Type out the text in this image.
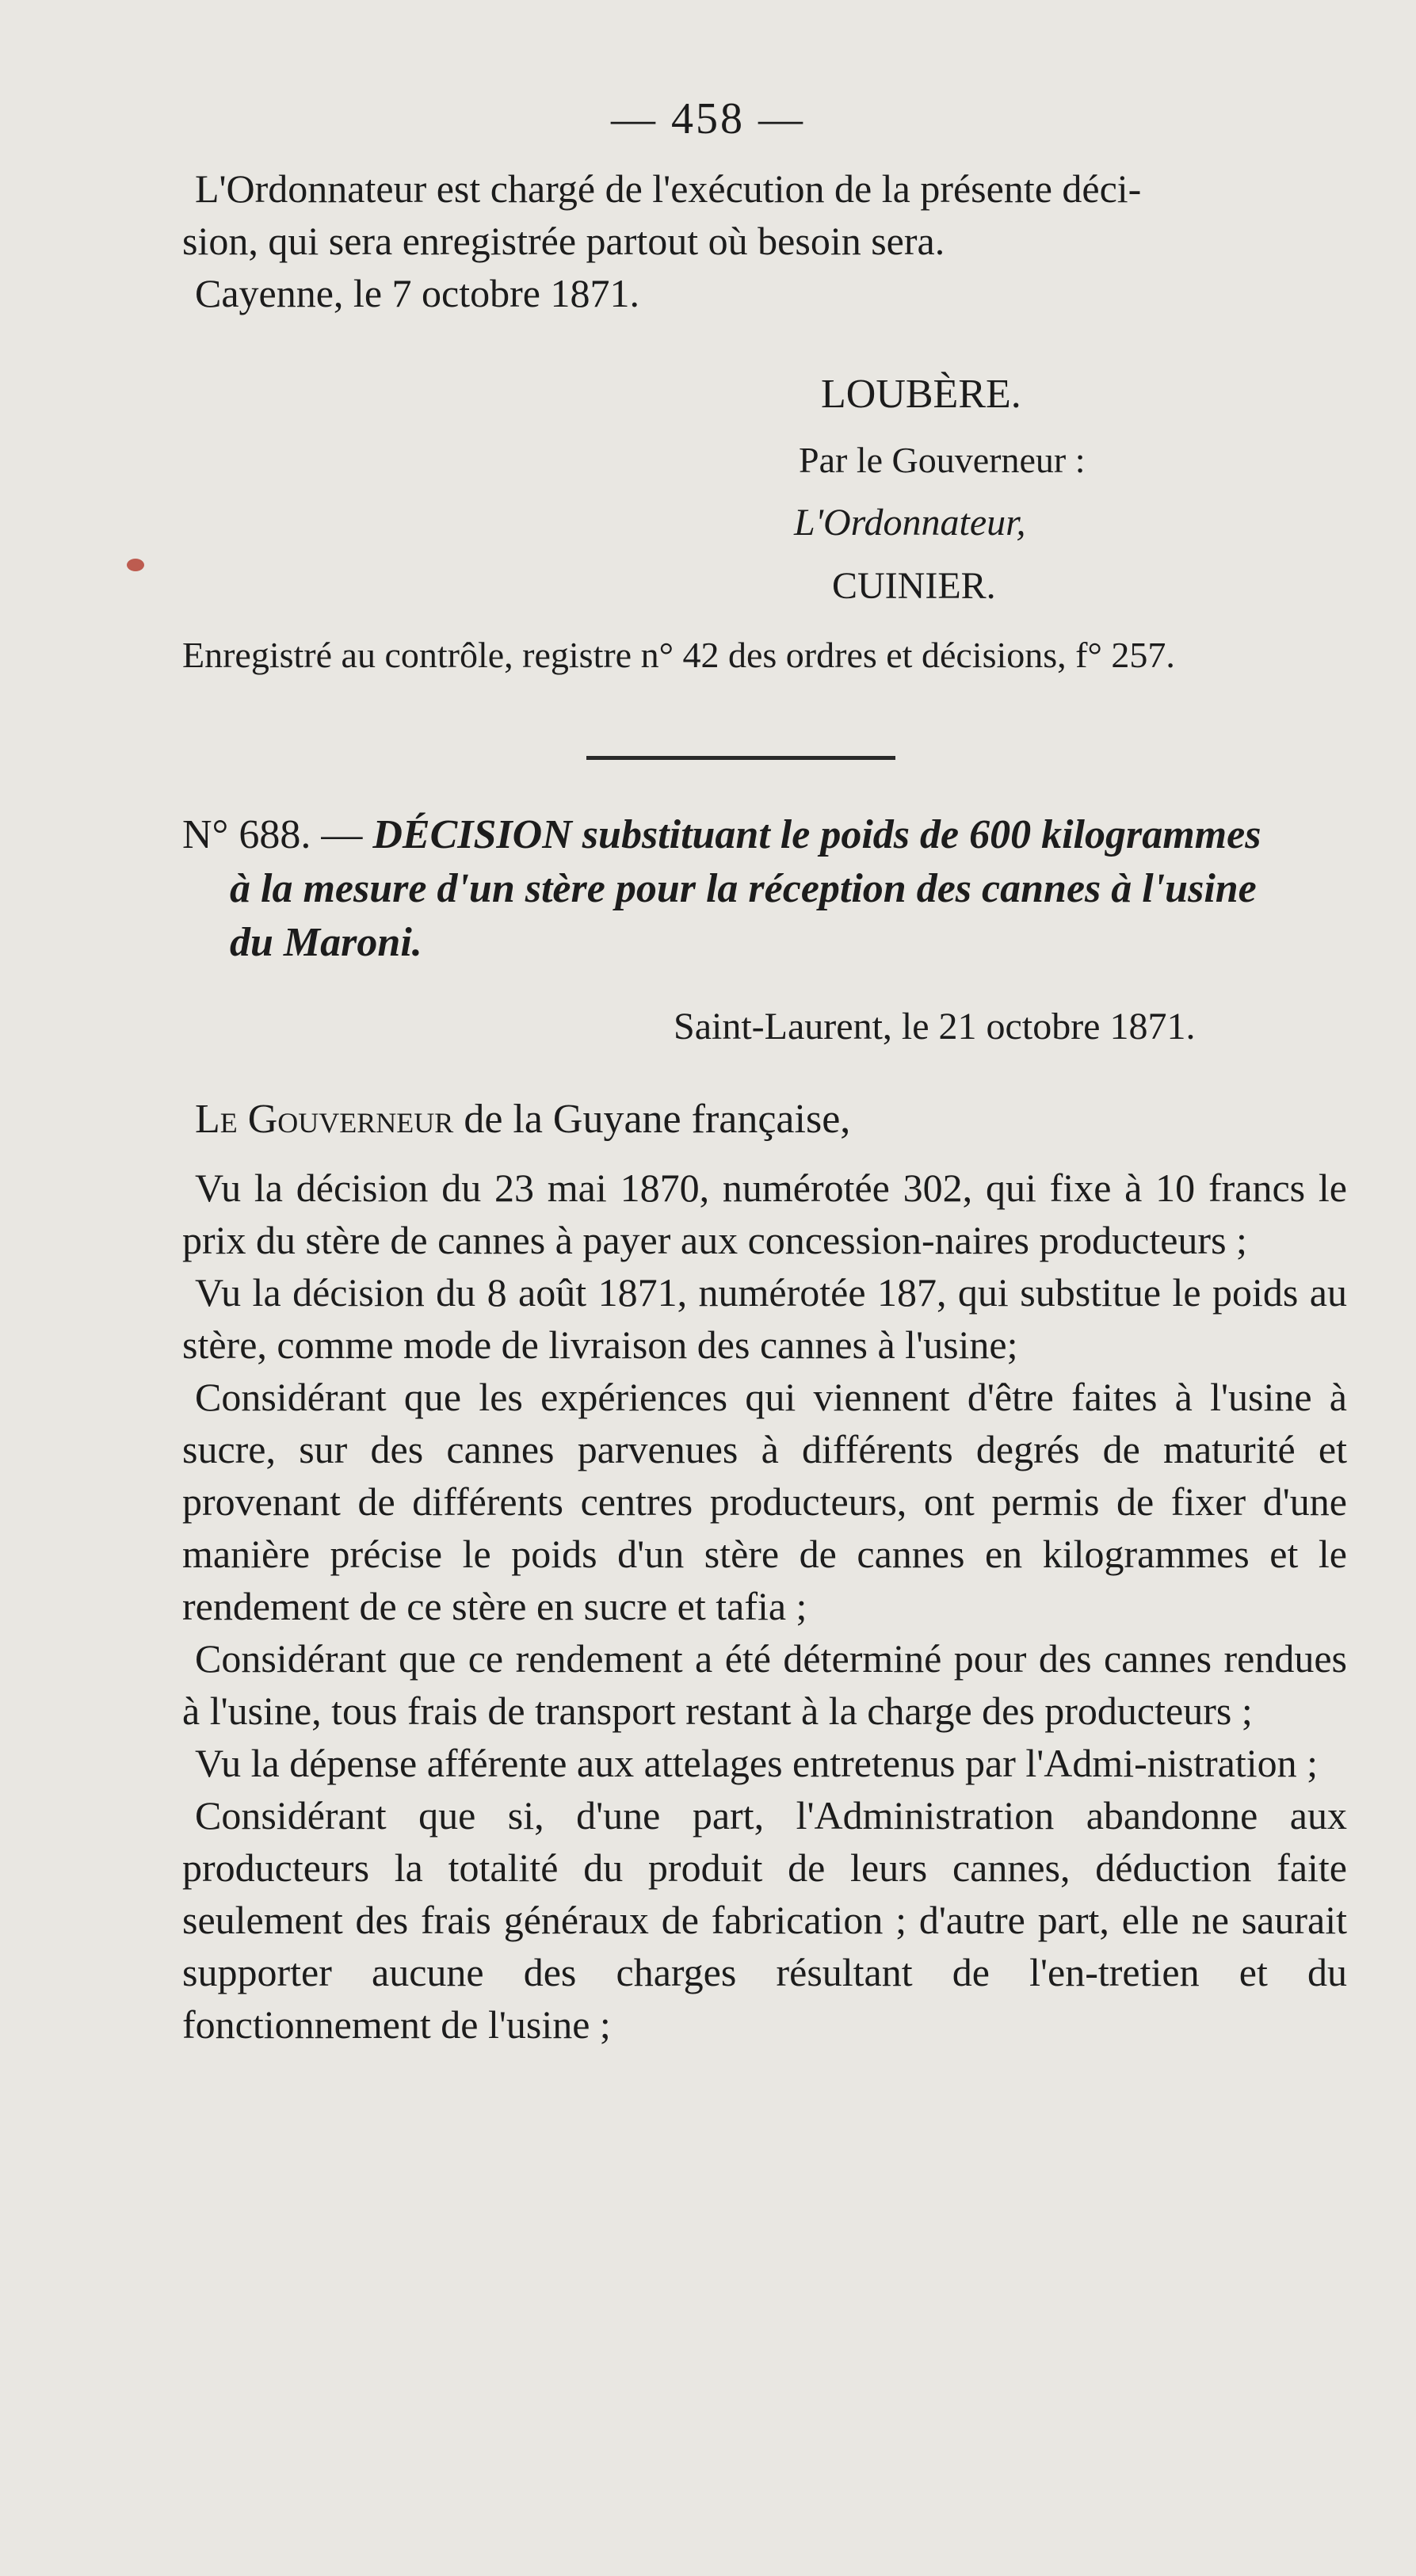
— 458 —

L'Ordonnateur est chargé de l'exécution de la présente déci-

sion, qui sera enregistrée partout où besoin sera.

Cayenne, le 7 octobre 1871.

LOUBÈRE.
Par le Gouverneur :
L'Ordonnateur,
CUINIER.
Enregistré au contrôle, registre n° 42 des ordres et décisions, f° 257.
N° 688. — DÉCISION substituant le poids de 600 kilogrammes
à la mesure d'un stère pour la réception des cannes à l'usine
du Maroni.
Saint-Laurent, le 21 octobre 1871.

Le Gouverneur de la Guyane française,

Vu la décision du 23 mai 1870, numérotée 302, qui fixe à 10 francs le prix du stère de cannes à payer aux concession-naires producteurs ;

Vu la décision du 8 août 1871, numérotée 187, qui substitue le poids au stère, comme mode de livraison des cannes à l'usine;

Considérant que les expériences qui viennent d'être faites à l'usine à sucre, sur des cannes parvenues à différents degrés de maturité et provenant de différents centres producteurs, ont permis de fixer d'une manière précise le poids d'un stère de cannes en kilogrammes et le rendement de ce stère en sucre et tafia ;

Considérant que ce rendement a été déterminé pour des cannes rendues à l'usine, tous frais de transport restant à la charge des producteurs ;

Vu la dépense afférente aux attelages entretenus par l'Admi-nistration ;

Considérant que si, d'une part, l'Administration abandonne aux producteurs la totalité du produit de leurs cannes, déduction faite seulement des frais généraux de fabrication ; d'autre part, elle ne saurait supporter aucune des charges résultant de l'en-tretien et du fonctionnement de l'usine ;
